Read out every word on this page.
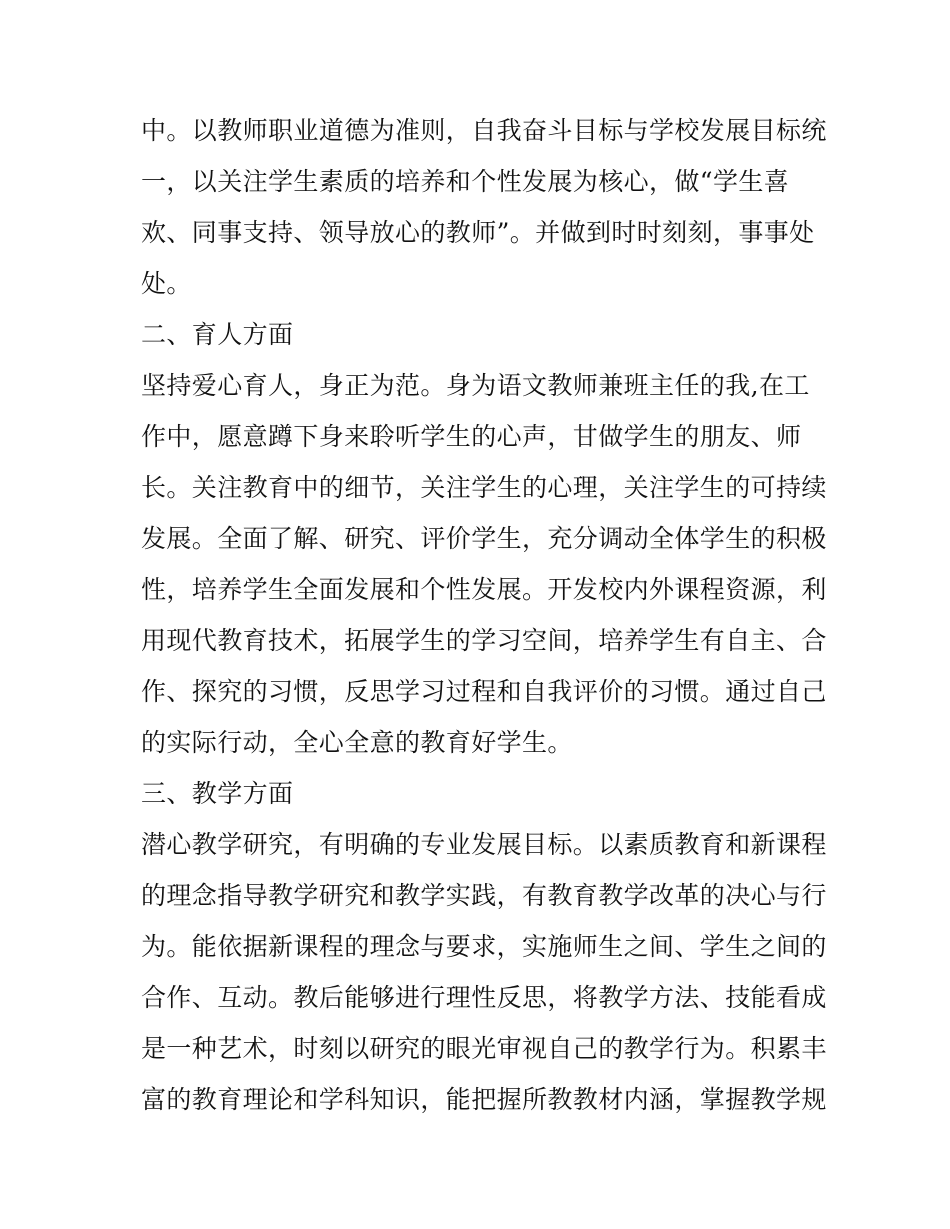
中。以教师职业道德为准则，自我奋斗目标与学校发展目标统
一，以关注学生素质的培养和个性发展为核心，做“学生喜
欢、同事支持、领导放心的教师”。并做到时时刻刻，事事处
处。
二、育人方面
坚持爱心育人，身正为范。身为语文教师兼班主任的我,在工
作中，愿意蹲下身来聆听学生的心声，甘做学生的朋友、师
长。关注教育中的细节，关注学生的心理，关注学生的可持续
发展。全面了解、研究、评价学生，充分调动全体学生的积极
性，培养学生全面发展和个性发展。开发校内外课程资源，利
用现代教育技术，拓展学生的学习空间，培养学生有自主、合
作、探究的习惯，反思学习过程和自我评价的习惯。通过自己
的实际行动，全心全意的教育好学生。
三、教学方面
潜心教学研究，有明确的专业发展目标。以素质教育和新课程
的理念指导教学研究和教学实践，有教育教学改革的决心与行
为。能依据新课程的理念与要求，实施师生之间、学生之间的
合作、互动。教后能够进行理性反思，将教学方法、技能看成
是一种艺术，时刻以研究的眼光审视自己的教学行为。积累丰
富的教育理论和学科知识，能把握所教教材内涵，掌握教学规
